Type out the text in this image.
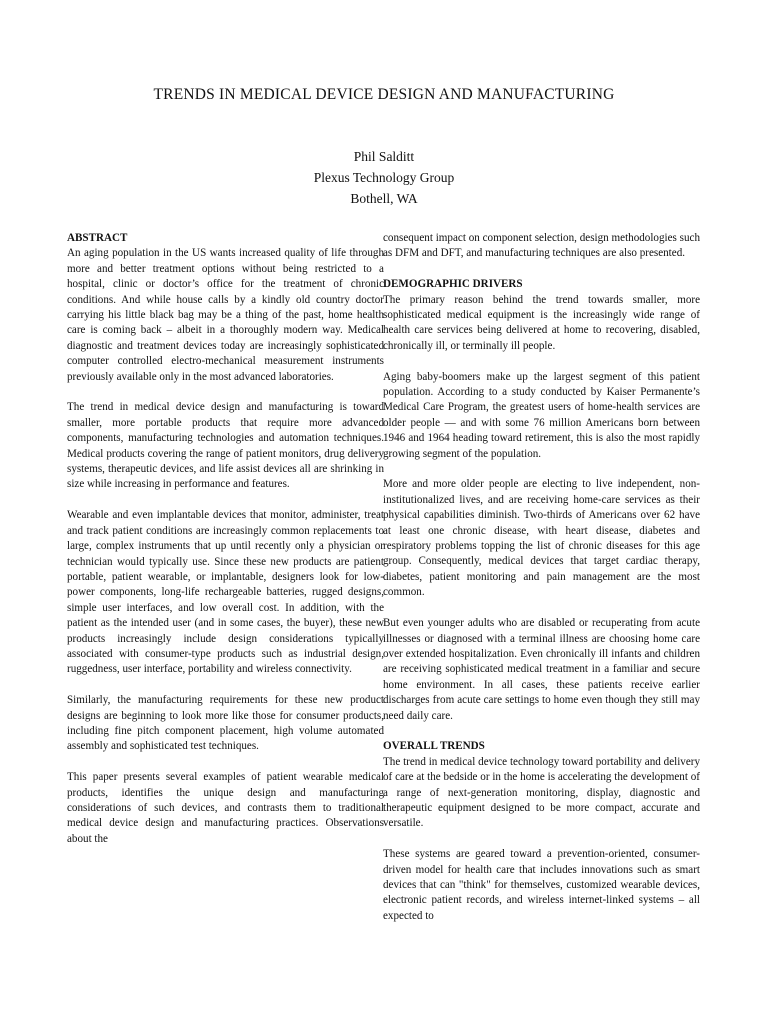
TRENDS IN MEDICAL DEVICE DESIGN AND MANUFACTURING
Phil Salditt
Plexus Technology Group
Bothell, WA
ABSTRACT

An aging population in the US wants increased quality of life through more and better treatment options without being restricted to a hospital, clinic or doctor’s office for the treatment of chronic conditions. And while house calls by a kindly old country doctor carrying his little black bag may be a thing of the past, home health care is coming back – albeit in a thoroughly modern way. Medical diagnostic and treatment devices today are increasingly sophisticated computer controlled electro-mechanical measurement instruments previously available only in the most advanced laboratories.

The trend in medical device design and manufacturing is toward smaller, more portable products that require more advanced components, manufacturing technologies and automation techniques. Medical products covering the range of patient monitors, drug delivery systems, therapeutic devices, and life assist devices all are shrinking in size while increasing in performance and features.

Wearable and even implantable devices that monitor, administer, treat and track patient conditions are increasingly common replacements to large, complex instruments that up until recently only a physician or technician would typically use. Since these new products are patient portable, patient wearable, or implantable, designers look for low-power components, long-life rechargeable batteries, rugged designs, simple user interfaces, and low overall cost. In addition, with the patient as the intended user (and in some cases, the buyer), these new products increasingly include design considerations typically associated with consumer-type products such as industrial design, ruggedness, user interface, portability and wireless connectivity.

Similarly, the manufacturing requirements for these new product designs are beginning to look more like those for consumer products, including fine pitch component placement, high volume automated assembly and sophisticated test techniques.

This paper presents several examples of patient wearable medical products, identifies the unique design and manufacturing considerations of such devices, and contrasts them to traditional medical device design and manufacturing practices. Observations about the

consequent impact on component selection, design methodologies such as DFM and DFT, and manufacturing techniques are also presented.

DEMOGRAPHIC DRIVERS

The primary reason behind the trend towards smaller, more sophisticated medical equipment is the increasingly wide range of health care services being delivered at home to recovering, disabled, chronically ill, or terminally ill people.

Aging baby-boomers make up the largest segment of this patient population. According to a study conducted by Kaiser Permanente’s Medical Care Program, the greatest users of home-health services are older people — and with some 76 million Americans born between 1946 and 1964 heading toward retirement, this is also the most rapidly growing segment of the population.

More and more older people are electing to live independent, non-institutionalized lives, and are receiving home-care services as their physical capabilities diminish. Two-thirds of Americans over 62 have at least one chronic disease, with heart disease, diabetes and respiratory problems topping the list of chronic diseases for this age group. Consequently, medical devices that target cardiac therapy, diabetes, patient monitoring and pain management are the most common.

But even younger adults who are disabled or recuperating from acute illnesses or diagnosed with a terminal illness are choosing home care over extended hospitalization. Even chronically ill infants and children are receiving sophisticated medical treatment in a familiar and secure home environment. In all cases, these patients receive earlier discharges from acute care settings to home even though they still may need daily care.

OVERALL TRENDS

The trend in medical device technology toward portability and delivery of care at the bedside or in the home is accelerating the development of a range of next-generation monitoring, display, diagnostic and therapeutic equipment designed to be more compact, accurate and versatile.

These systems are geared toward a prevention-oriented, consumer-driven model for health care that includes innovations such as smart devices that can "think" for themselves, customized wearable devices, electronic patient records, and wireless internet-linked systems – all expected to
